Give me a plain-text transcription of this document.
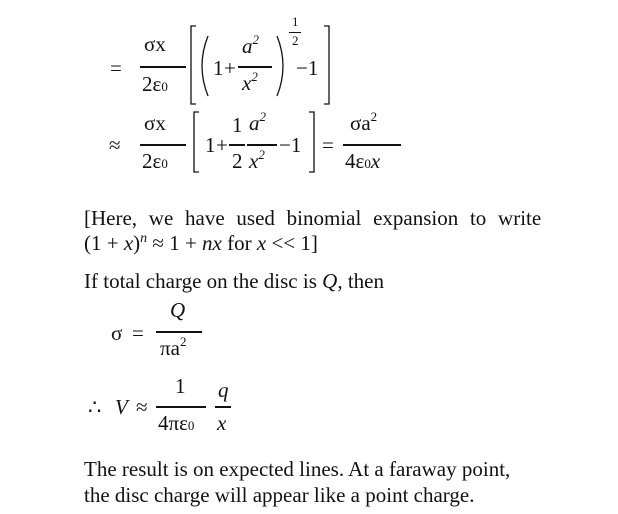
=
σx
2ε0
1 +
$a^2$
$x^2$
1
2
−1
≈
σx
2ε0
1 +
1
2
$a^2$
$x^2 -1$ =
$\sigma a^2$
4ε0x
[Here, we have used binomial expansion to write
$(1 + x)^n \approx 1$ + nx for x << 1]
If total charge on the disc is Q, then
σ =
Q
$\pi a^2$
∴ V ≈
1
4πε0
q
x
The result is on expected lines. At a faraway point,
the disc charge will appear like a point charge.
